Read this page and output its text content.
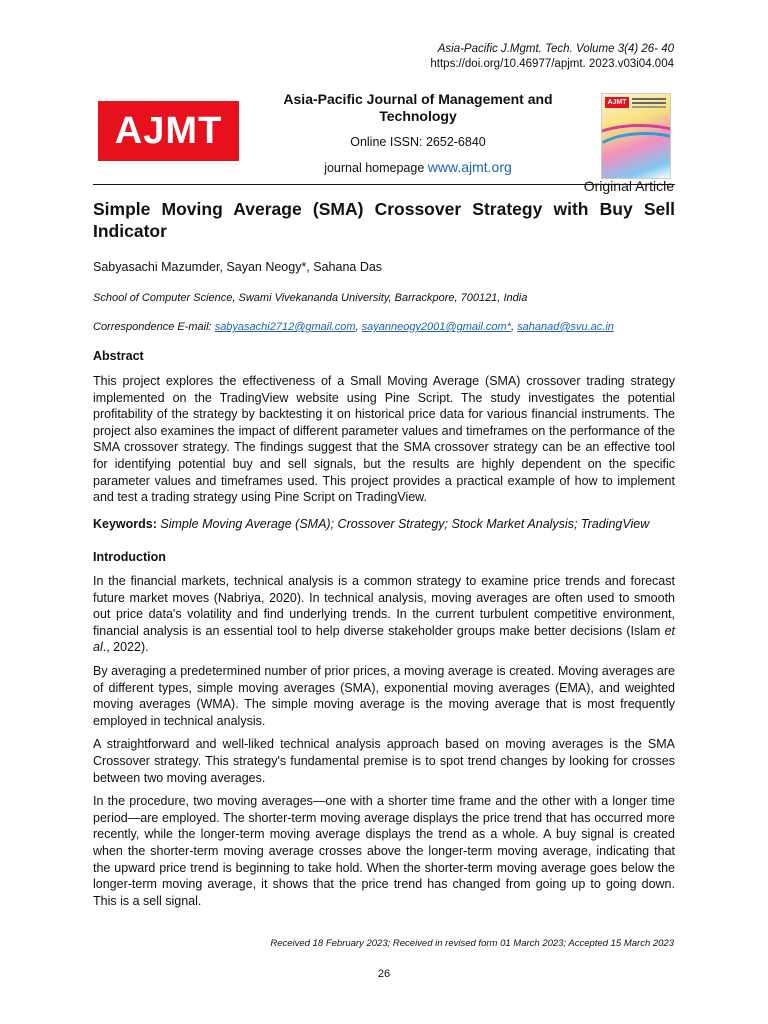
Asia-Pacific J.Mgmt. Tech. Volume 3(4) 26- 40
https://doi.org/10.46977/apjmt. 2023.v03i04.004
AJMT
Asia-Pacific Journal of Management and Technology
Online ISSN: 2652-6840
journal homepage www.ajmt.org
AJMT
Original Article
Simple Moving Average (SMA) Crossover Strategy with Buy Sell Indicator
Sabyasachi Mazumder, Sayan Neogy*, Sahana Das
School of Computer Science, Swami Vivekananda University, Barrackpore, 700121, India
Correspondence E-mail: sabyasachi2712@gmail.com, sayanneogy2001@gmail.com*, sahanad@svu.ac.in
Abstract

This project explores the effectiveness of a Small Moving Average (SMA) crossover trading strategy implemented on the TradingView website using Pine Script. The study investigates the potential profitability of the strategy by backtesting it on historical price data for various financial instruments. The project also examines the impact of different parameter values and timeframes on the performance of the SMA crossover strategy. The findings suggest that the SMA crossover strategy can be an effective tool for identifying potential buy and sell signals, but the results are highly dependent on the specific parameter values and timeframes used. This project provides a practical example of how to implement and test a trading strategy using Pine Script on TradingView.

Keywords: Simple Moving Average (SMA); Crossover Strategy; Stock Market Analysis; TradingView
Introduction

In the financial markets, technical analysis is a common strategy to examine price trends and forecast future market moves (Nabriya, 2020). In technical analysis, moving averages are often used to smooth out price data's volatility and find underlying trends. In the current turbulent competitive environment, financial analysis is an essential tool to help diverse stakeholder groups make better decisions (Islam et al., 2022).

By averaging a predetermined number of prior prices, a moving average is created. Moving averages are of different types, simple moving averages (SMA), exponential moving averages (EMA), and weighted moving averages (WMA). The simple moving average is the moving average that is most frequently employed in technical analysis.

A straightforward and well-liked technical analysis approach based on moving averages is the SMA Crossover strategy. This strategy's fundamental premise is to spot trend changes by looking for crosses between two moving averages.

In the procedure, two moving averages—one with a shorter time frame and the other with a longer time period—are employed. The shorter-term moving average displays the price trend that has occurred more recently, while the longer-term moving average displays the trend as a whole. A buy signal is created when the shorter-term moving average crosses above the longer-term moving average, indicating that the upward price trend is beginning to take hold. When the shorter-term moving average goes below the longer-term moving average, it shows that the price trend has changed from going up to going down. This is a sell signal.

Received 18 February 2023; Received in revised form 01 March 2023; Accepted 15 March 2023
26
